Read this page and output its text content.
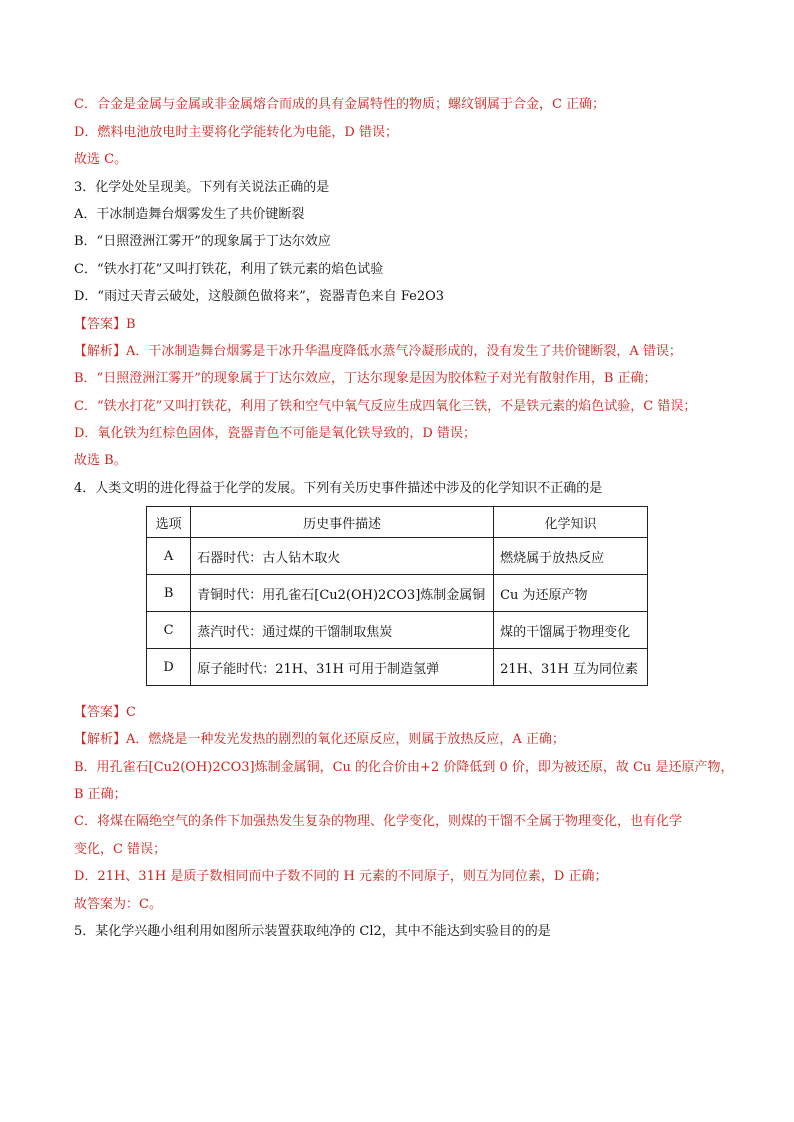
C．合金是金属与金属或非金属熔合而成的具有金属特性的物质；螺纹钢属于合金，C 正确；
D．燃料电池放电时主要将化学能转化为电能，D 错误；
故选 C。
3．化学处处呈现美。下列有关说法正确的是
A．干冰制造舞台烟雾发生了共价键断裂
B．“日照澄洲江雾开”的现象属于丁达尔效应
C．“铁水打花”又叫打铁花，利用了铁元素的焰色试验
D．“雨过天青云破处，这般颜色做将来”，瓷器青色来自 Fe2O3
【答案】B
【解析】A．干冰制造舞台烟雾是干冰升华温度降低水蒸气冷凝形成的，没有发生了共价键断裂，A 错误；
B．“日照澄洲江雾开”的现象属于丁达尔效应，丁达尔现象是因为胶体粒子对光有散射作用，B 正确；
C．“铁水打花”又叫打铁花，利用了铁和空气中氧气反应生成四氧化三铁，不是铁元素的焰色试验，C 错误；
D．氧化铁为红棕色固体，瓷器青色不可能是氧化铁导致的，D 错误；
故选 B。
4．人类文明的进化得益于化学的发展。下列有关历史事件描述中涉及的化学知识不正确的是
选项	历史事件描述	化学知识
A	石器时代：古人钻木取火	燃烧属于放热反应
B	青铜时代：用孔雀石[Cu2(OH)2CO3]炼制金属铜	Cu 为还原产物
C	蒸汽时代：通过煤的干馏制取焦炭	煤的干馏属于物理变化
D	原子能时代：21H、31H 可用于制造氢弹	21H、31H 互为同位素
【答案】C
【解析】A．燃烧是一种发光发热的剧烈的氧化还原反应，则属于放热反应，A 正确；
B．用孔雀石[Cu2(OH)2CO3]炼制金属铜，Cu 的化合价由+2 价降低到 0 价，即为被还原，故 Cu 是还原产物，
B 正确；
C．将煤在隔绝空气的条件下加强热发生复杂的物理、化学变化，则煤的干馏不全属于物理变化，也有化学
变化，C 错误；
D．21H、31H 是质子数相同而中子数不同的 H 元素的不同原子，则互为同位素，D 正确；
故答案为：C。
5．某化学兴趣小组利用如图所示装置获取纯净的 Cl2，其中不能达到实验目的的是
